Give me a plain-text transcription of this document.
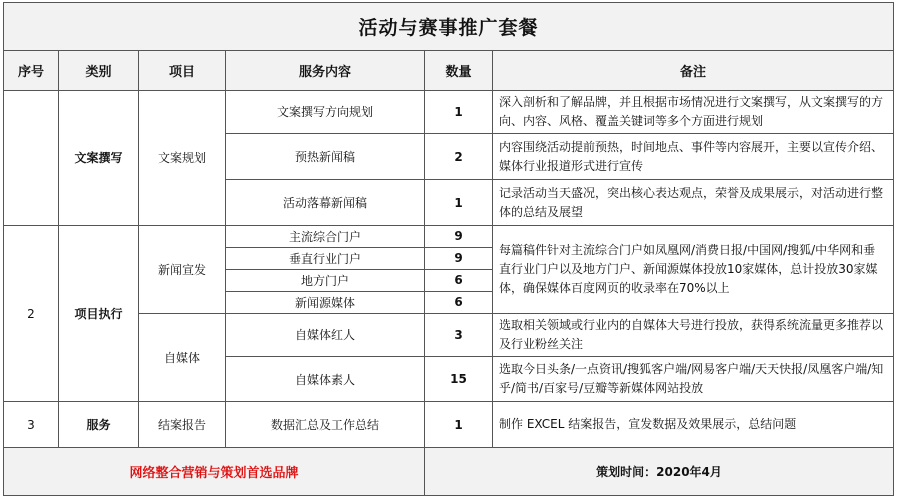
活动与赛事推广套餐					
序号	类别	项目	服务内容	数量	备注
	文案撰写	文案规划	文案撰写方向规划	1	深入剖析和了解品牌，并且根据市场情况进行文案撰写，从文案撰写的方向、内容、风格、覆盖关键词等多个方面进行规划
			预热新闻稿	2	内容围绕活动提前预热，时间地点、事件等内容展开，主要以宣传介绍、媒体行业报道形式进行宣传
			活动落幕新闻稿	1	记录活动当天盛况，突出核心表达观点，荣誉及成果展示，对活动进行整体的总结及展望
2	项目执行	新闻宣发	主流综合门户	9	每篇稿件针对主流综合门户如凤凰网/消费日报/中国网/搜狐/中华网和垂直行业门户以及地方门户、新闻源媒体投放10家媒体，总计投放30家媒体，确保媒体百度网页的收录率在70%以上
			垂直行业门户	9	
			地方门户	6	
			新闻源媒体	6	
		自媒体	自媒体红人	3	选取相关领域或行业内的自媒体大号进行投放，获得系统流量更多推荐以及行业粉丝关注
			自媒体素人	15	选取今日头条/一点资讯/搜狐客户端/网易客户端/天天快报/凤凰客户端/知乎/简书/百家号/豆瓣等新媒体网站投放
3	服务	结案报告	数据汇总及工作总结	1	制作 EXCEL 结案报告，宣发数据及效果展示，总结问题
网络整合营销与策划首选品牌				策划时间：2020年4月	
